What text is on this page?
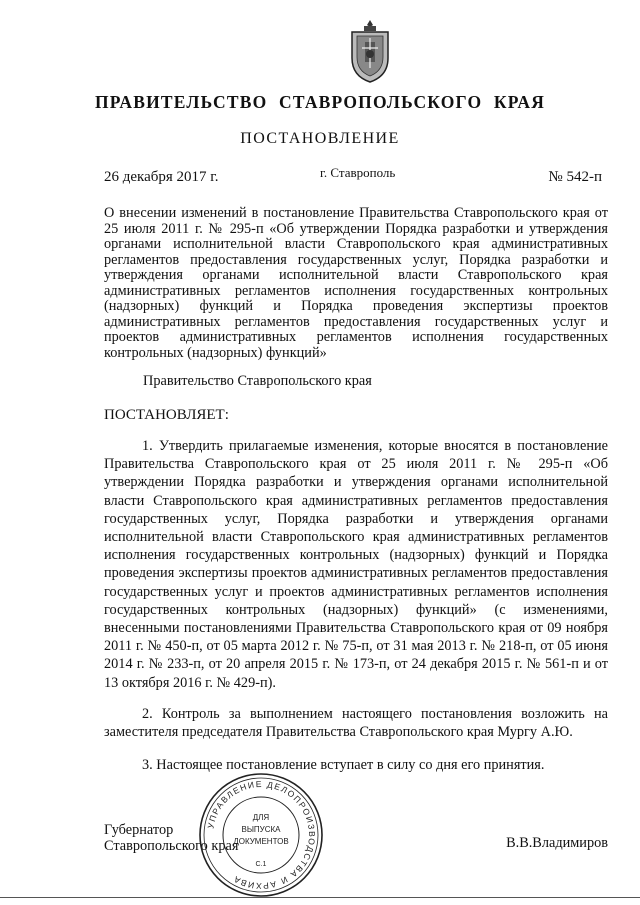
ПРАВИТЕЛЬСТВО СТАВРОПОЛЬСКОГО КРАЯ
ПОСТАНОВЛЕНИЕ
26 декабря 2017 г.	г. Ставрополь	№ 542-п
О внесении изменений в постановление Правительства Ставропольского края от 25 июля 2011 г. № 295-п «Об утверждении Порядка разработки и утверждения органами исполнительной власти Ставропольского края административных регламентов предоставления государственных услуг, Порядка разработки и утверждения органами исполнительной власти Ставропольского края административных регламентов исполнения государственных контрольных (надзорных) функций и Порядка проведения экспертизы проектов административных регламентов предоставления государственных услуг и проектов административных регламентов исполнения государственных контрольных (надзорных) функций»
Правительство Ставропольского края
ПОСТАНОВЛЯЕТ:
1. Утвердить прилагаемые изменения, которые вносятся в постановление Правительства Ставропольского края от 25 июля 2011 г. № 295-п «Об утверждении Порядка разработки и утверждения органами исполнительной власти Ставропольского края административных регламентов предоставления государственных услуг, Порядка разработки и утверждения органами исполнительной власти Ставропольского края административных регламентов исполнения государственных контрольных (надзорных) функций и Порядка проведения экспертизы проектов административных регламентов предоставления государственных услуг и проектов административных регламентов исполнения государственных контрольных (надзорных) функций» (с изменениями, внесенными постановлениями Правительства Ставропольского края от 09 ноября 2011 г. № 450-п, от 05 марта 2012 г. № 75-п, от 31 мая 2013 г. № 218-п, от 05 июня 2014 г. № 233-п, от 20 апреля 2015 г. № 173-п, от 24 декабря 2015 г. № 561-п и от 13 октября 2016 г. № 429-п).
2. Контроль за выполнением настоящего постановления возложить на заместителя председателя Правительства Ставропольского края Мургу А.Ю.
3. Настоящее постановление вступает в силу со дня его принятия.
Губернатор
Ставропольского края	В.В.Владимиров
УПРАВЛЕНИЕ ДЕЛОПРОИЗВОДСТВА И АРХИВА
ДЛЯ
ВЫПУСКА
ДОКУМЕНТОВ
С.1
